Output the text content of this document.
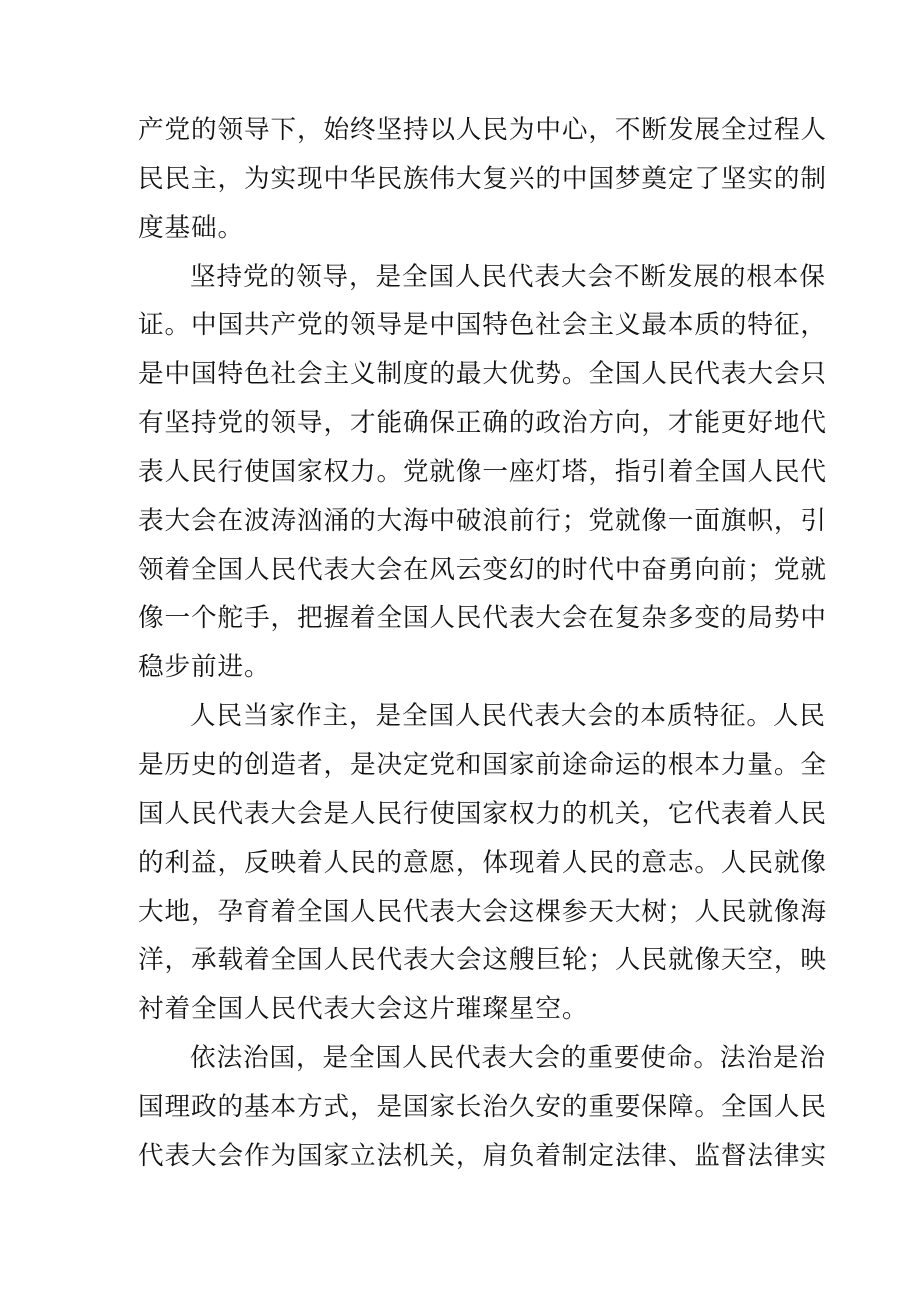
产党的领导下，始终坚持以人民为中心，不断发展全过程人
民民主，为实现中华民族伟大复兴的中国梦奠定了坚实的制
度基础。
坚持党的领导，是全国人民代表大会不断发展的根本保
证。中国共产党的领导是中国特色社会主义最本质的特征，
是中国特色社会主义制度的最大优势。全国人民代表大会只
有坚持党的领导，才能确保正确的政治方向，才能更好地代
表人民行使国家权力。党就像一座灯塔，指引着全国人民代
表大会在波涛汹涌的大海中破浪前行；党就像一面旗帜，引
领着全国人民代表大会在风云变幻的时代中奋勇向前；党就
像一个舵手，把握着全国人民代表大会在复杂多变的局势中
稳步前进。
人民当家作主，是全国人民代表大会的本质特征。人民
是历史的创造者，是决定党和国家前途命运的根本力量。全
国人民代表大会是人民行使国家权力的机关，它代表着人民
的利益，反映着人民的意愿，体现着人民的意志。人民就像
大地，孕育着全国人民代表大会这棵参天大树；人民就像海
洋，承载着全国人民代表大会这艘巨轮；人民就像天空，映
衬着全国人民代表大会这片璀璨星空。
依法治国，是全国人民代表大会的重要使命。法治是治
国理政的基本方式，是国家长治久安的重要保障。全国人民
代表大会作为国家立法机关，肩负着制定法律、监督法律实
